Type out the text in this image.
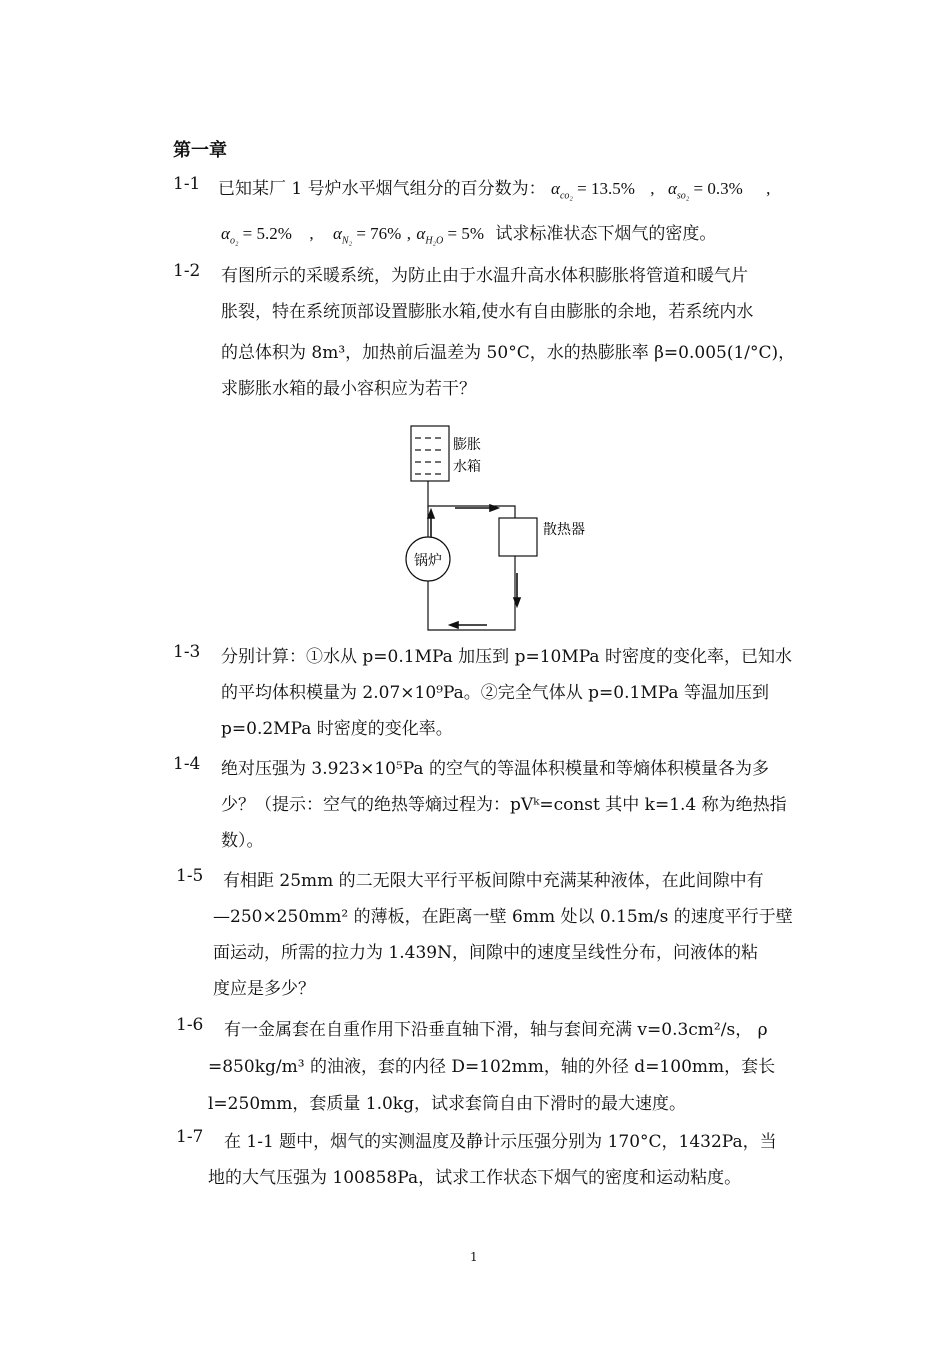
第一章
1-1 已知某厂 1 号炉水平烟气组分的百分数为： $\alpha_{co_2} = 13.5\%$ , $\alpha_{so_2} = 0.3\%$ ,
$\alpha_{o_2} = 5.2\%$ , $\alpha_{N_2} = 76\%$ , $\alpha_{H_2O} = 5\%$ 试求标准状态下烟气的密度。
1-2 有图所示的采暖系统，为防止由于水温升高水体积膨胀将管道和暖气片
胀裂，特在系统顶部设置膨胀水箱,使水有自由膨胀的余地，若系统内水
的总体积为 8m³，加热前后温差为 50°C，水的热膨胀率 β=0.005(1/°C)，
求膨胀水箱的最小容积应为若干？
膨胀
水箱
散热器
锅炉
1-3 分别计算：①水从 p=0.1MPa 加压到 p=10MPa 时密度的变化率，已知水
的平均体积模量为 2.07×10⁹Pa。②完全气体从 p=0.1MPa 等温加压到
p=0.2MPa 时密度的变化率。
1-4 绝对压强为 3.923×10⁵Pa 的空气的等温体积模量和等熵体积模量各为多
少？（提示：空气的绝热等熵过程为：pVᵏ=const 其中 k=1.4 称为绝热指
数）。
1-5 有相距 25mm 的二无限大平行平板间隙中充满某种液体，在此间隙中有
—250×250mm² 的薄板，在距离一壁 6mm 处以 0.15m/s 的速度平行于壁
面运动，所需的拉力为 1.439N，间隙中的速度呈线性分布，问液体的粘
度应是多少？
1-6 有一金属套在自重作用下沿垂直轴下滑，轴与套间充满 v=0.3cm²/s， ρ
=850kg/m³ 的油液，套的内径 D=102mm，轴的外径 d=100mm，套长
l=250mm，套质量 1.0kg，试求套筒自由下滑时的最大速度。
1-7 在 1-1 题中，烟气的实测温度及静计示压强分别为 170°C，1432Pa，当
地的大气压强为 100858Pa，试求工作状态下烟气的密度和运动粘度。
1
